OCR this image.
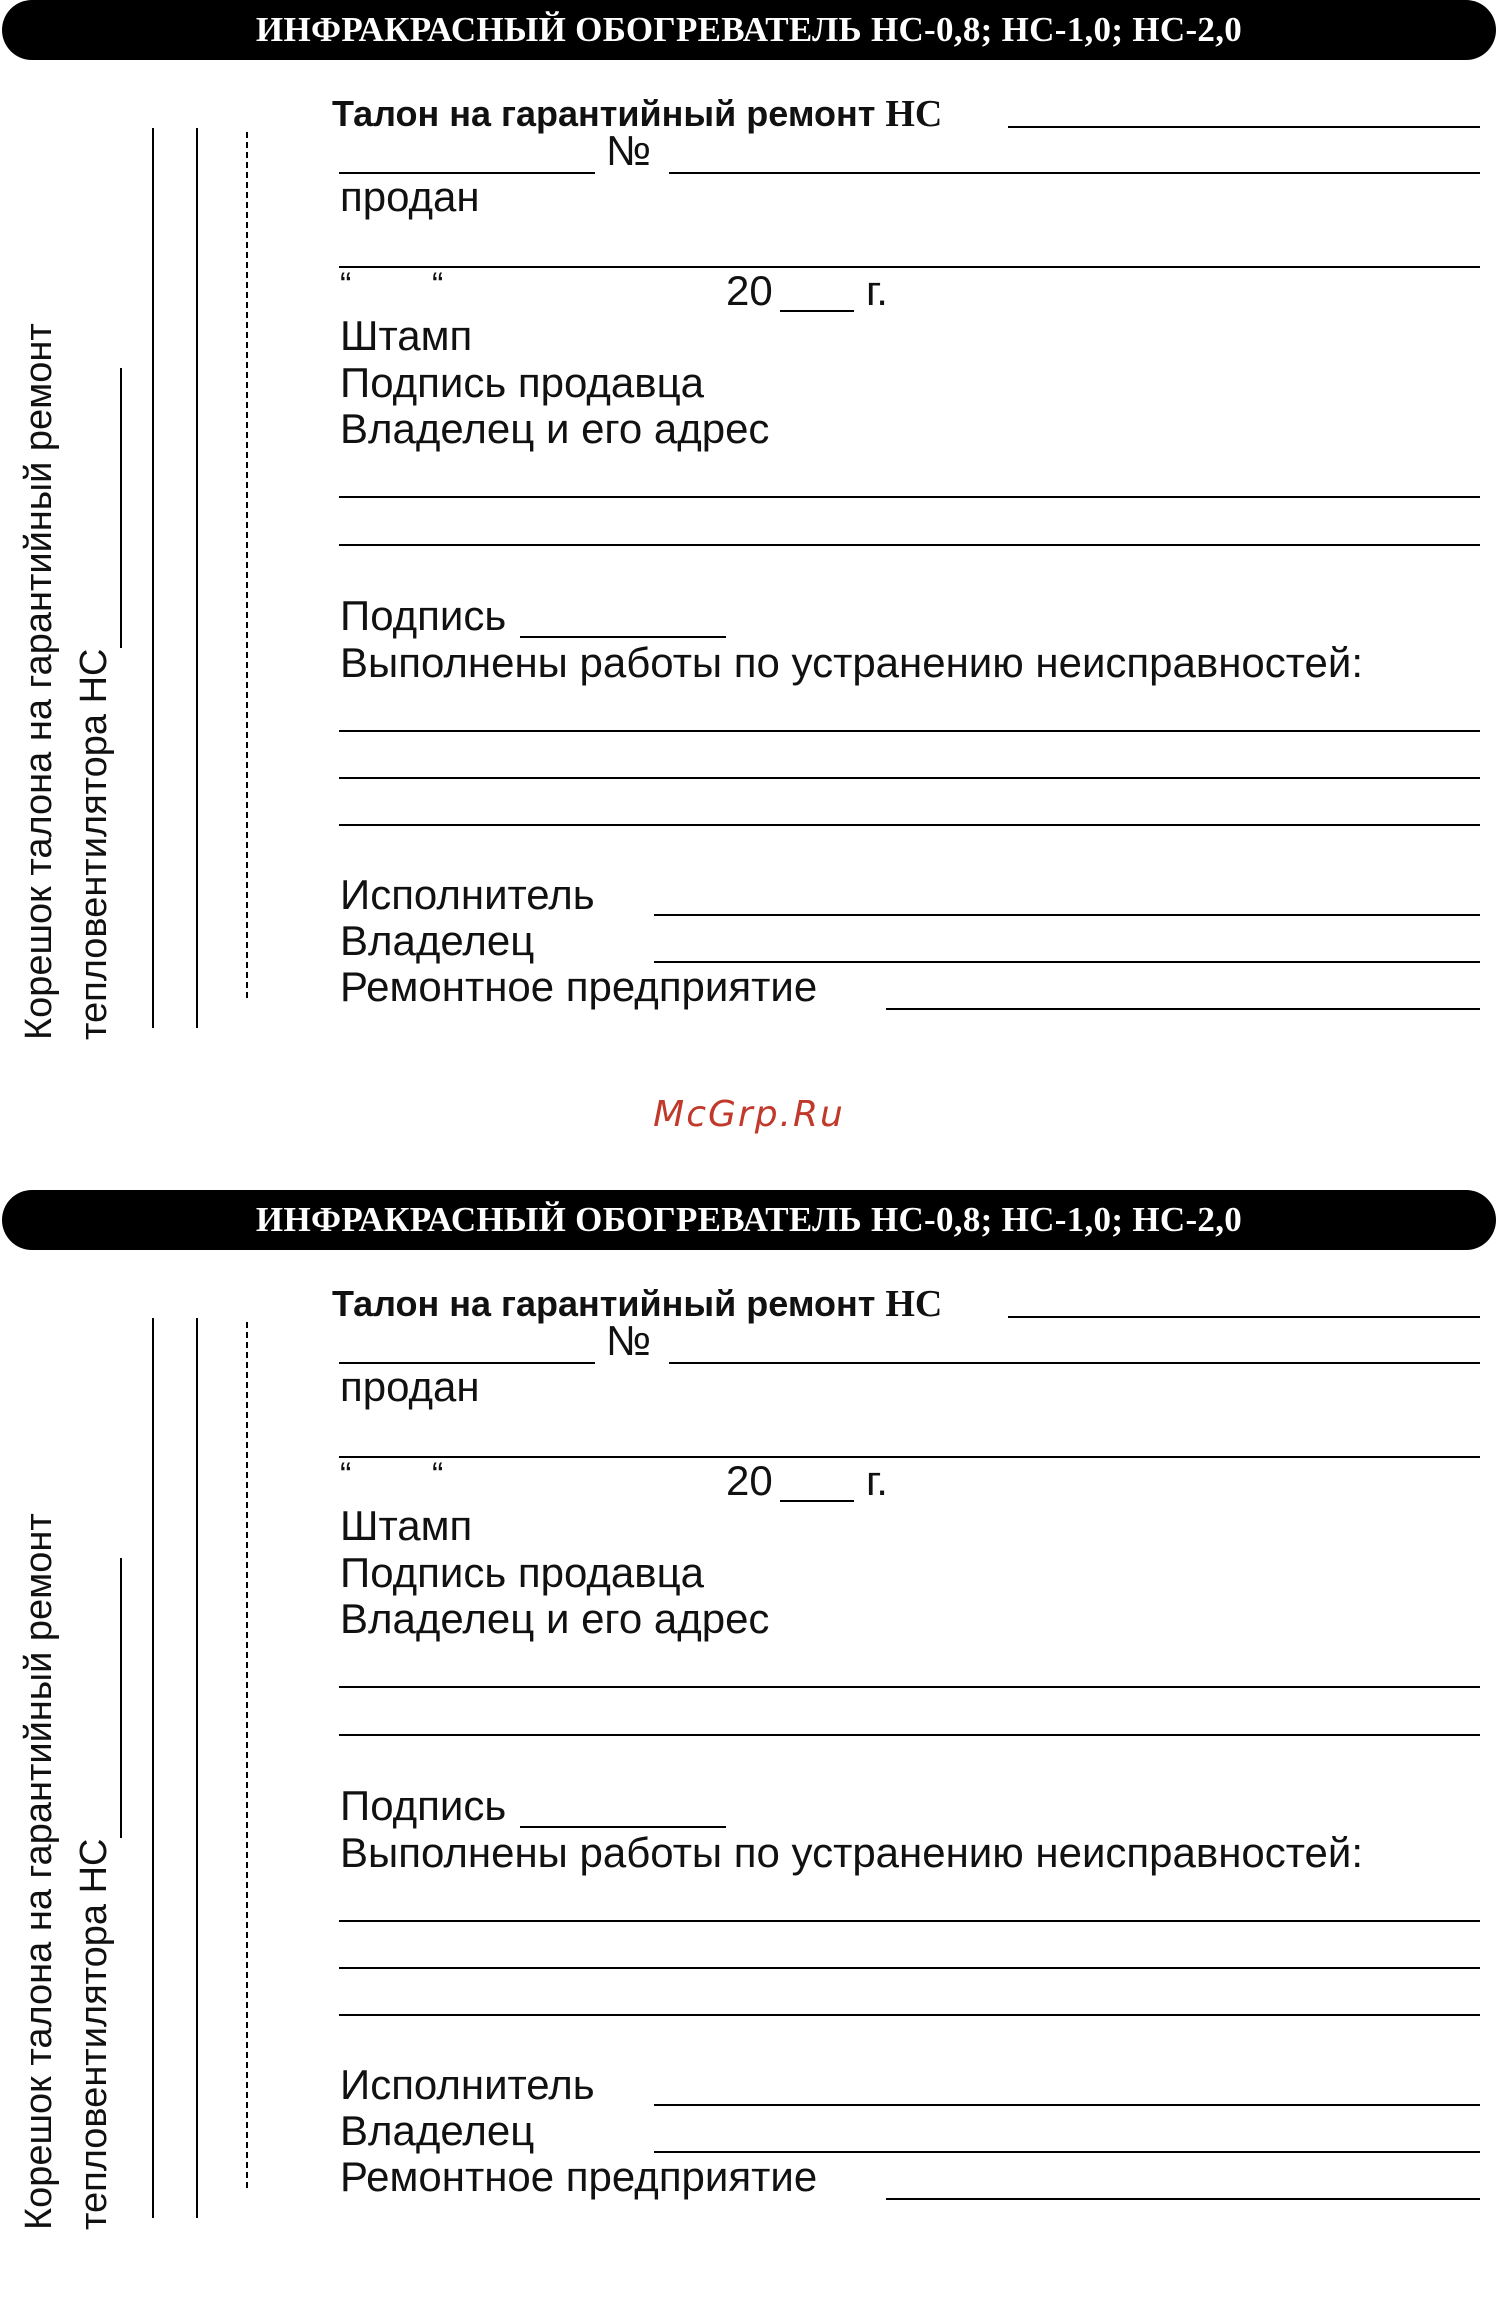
ИНФРАКРАСНЫЙ ОБОГРЕВАТЕЛЬ НС-0,8; НС-1,0; НС-2,0
Корешок талона на гарантийный ремонт тепловентилятора НС
Талон на гарантийный ремонт НС
№
продан
“ “	20 г.
Штамп
Подпись продавца
Владелец и его адрес
Подпись
Выполнены работы по устранению неисправностей:
Исполнитель
Владелец
Ремонтное предприятие
McGrp.Ru
ИНФРАКРАСНЫЙ ОБОГРЕВАТЕЛЬ НС-0,8; НС-1,0; НС-2,0
Корешок талона на гарантийный ремонт тепловентилятора НС
Талон на гарантийный ремонт НС
№
продан
“ “	20 г.
Штамп
Подпись продавца
Владелец и его адрес
Подпись
Выполнены работы по устранению неисправностей:
Исполнитель
Владелец
Ремонтное предприятие
